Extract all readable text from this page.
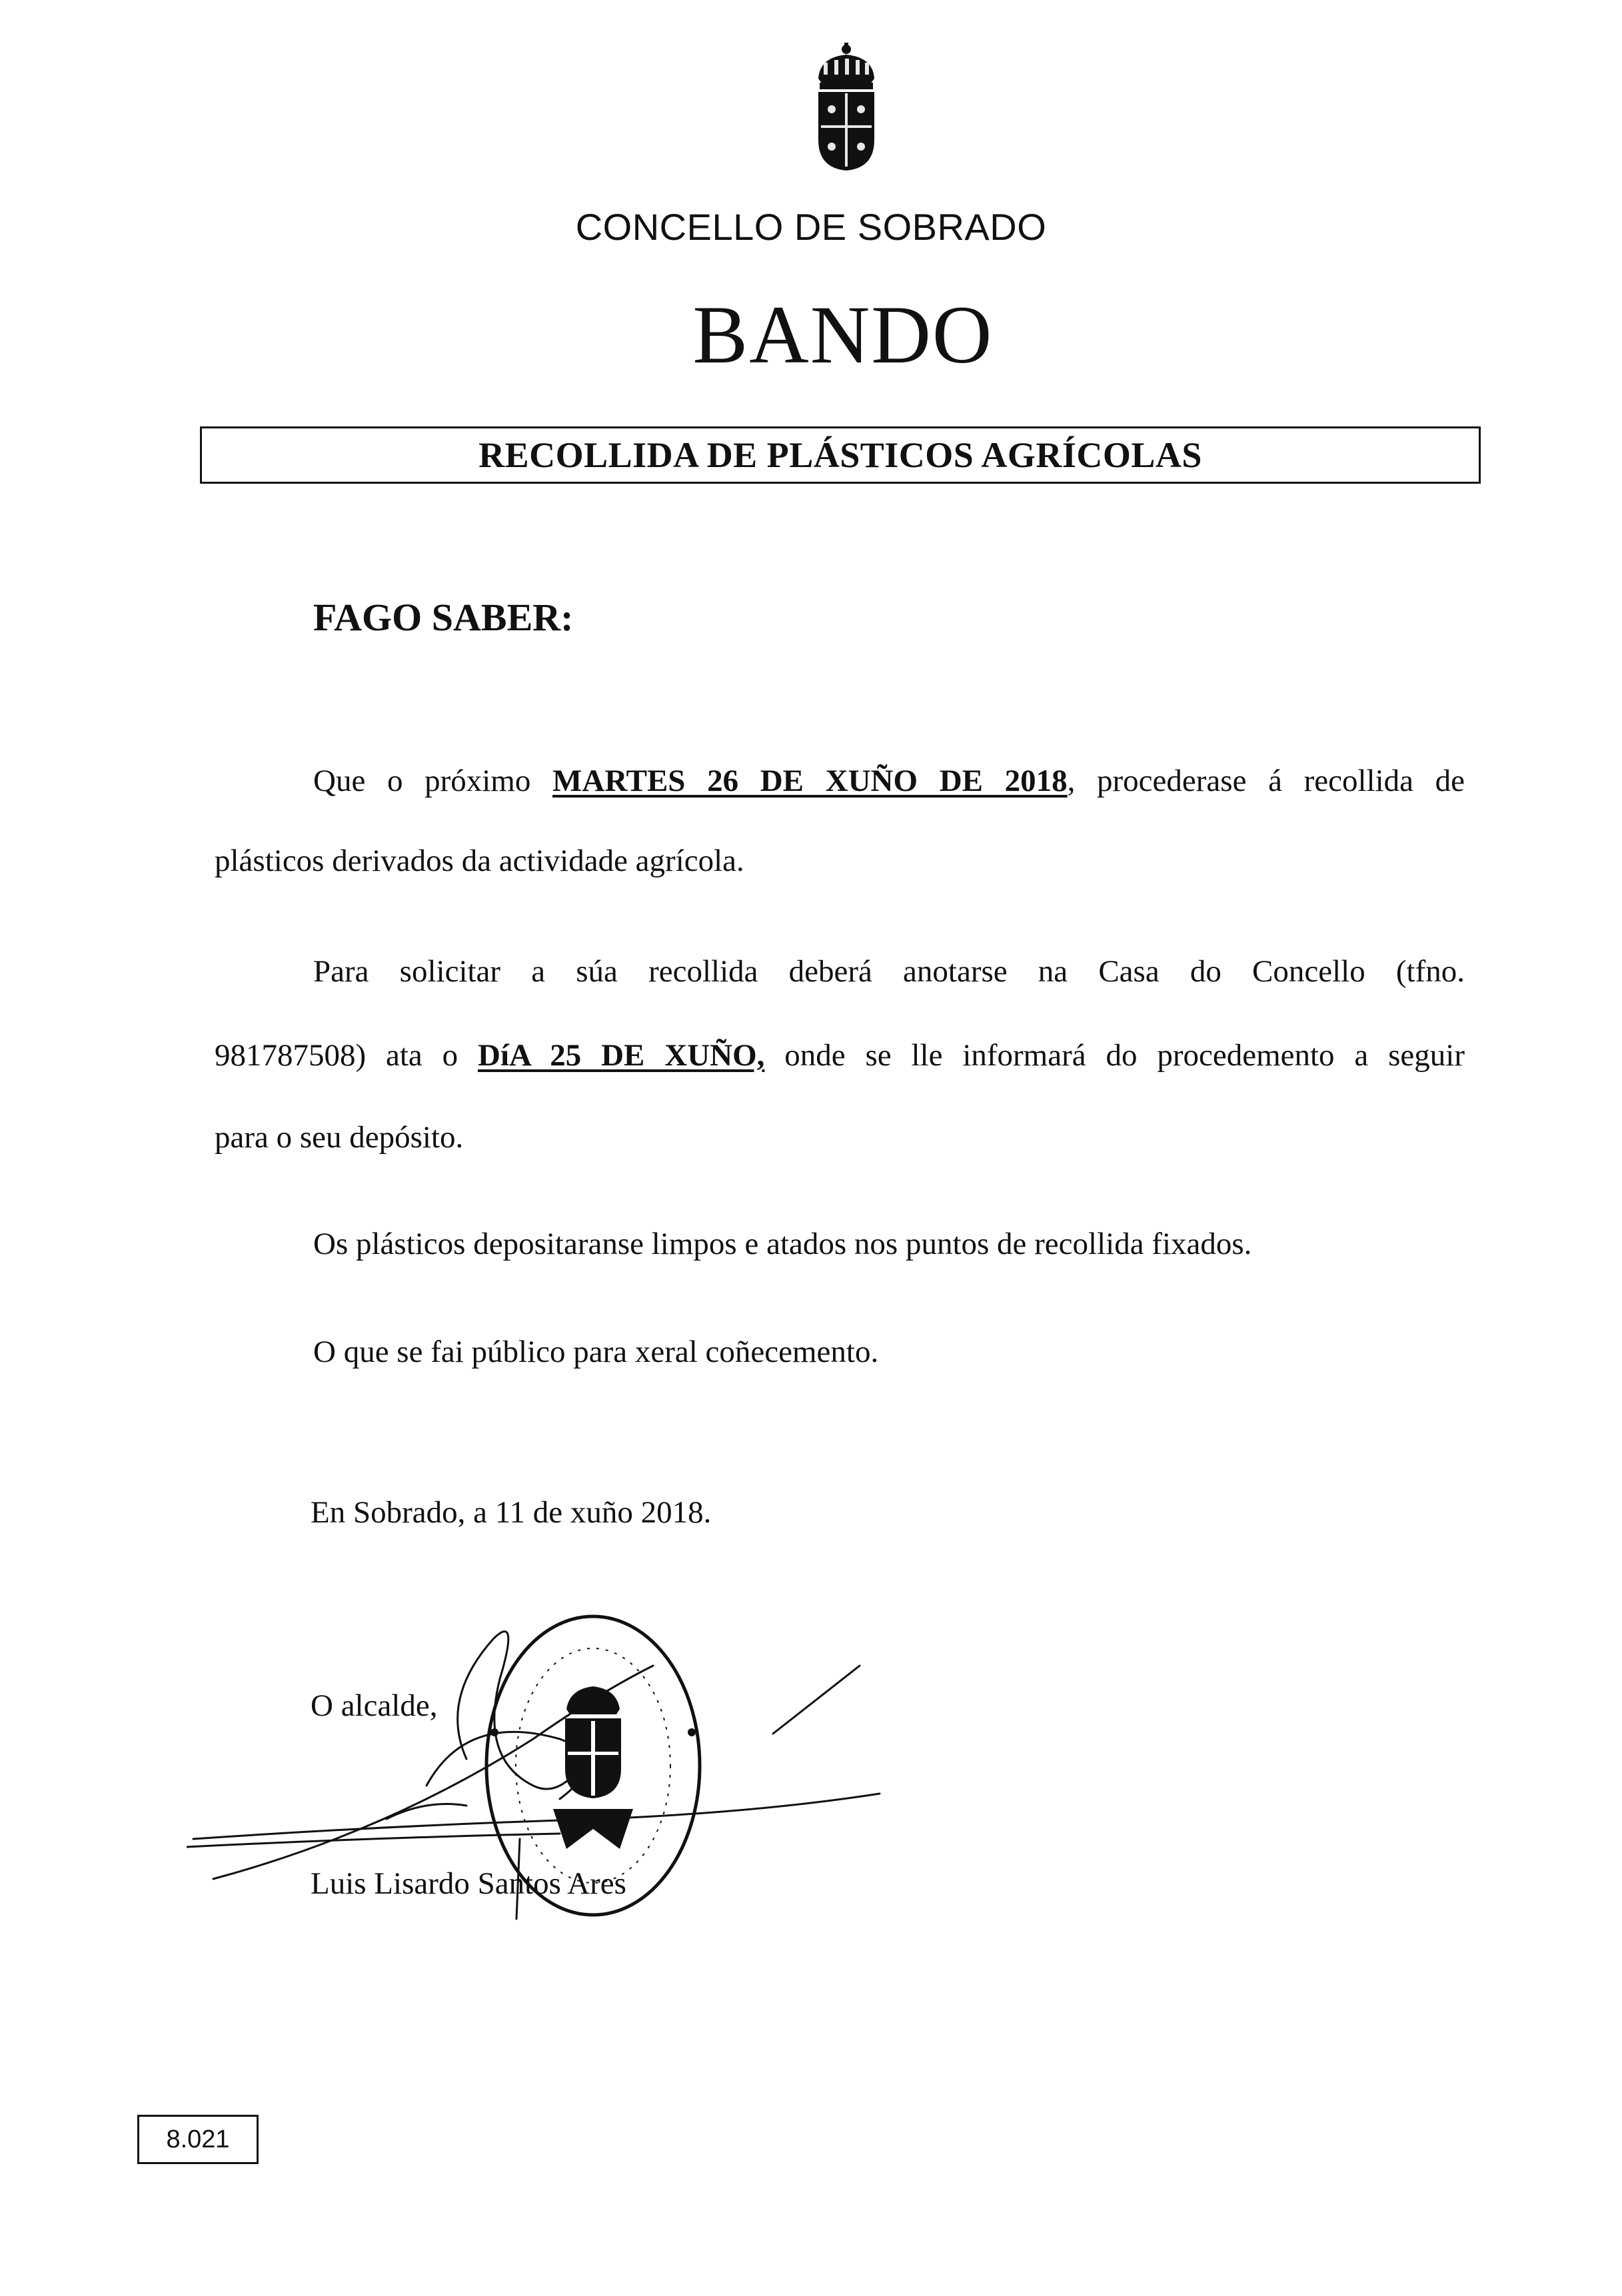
CONCELLO DE SOBRADO
BANDO
RECOLLIDA DE PLÁSTICOS AGRÍCOLAS
FAGO SABER:
Que o próximo MARTES 26 DE XUÑO DE 2018, procederase á recollida de
plásticos derivados da actividade agrícola.
Para solicitar a súa recollida deberá anotarse na Casa do Concello (tfno.
981787508) ata o DíA 25 DE XUÑO, onde se lle informará do procedemento a seguir
para o seu depósito.
Os plásticos depositaranse limpos e atados nos puntos de recollida fixados.
O que se fai público para xeral coñecemento.
En Sobrado, a 11 de xuño 2018.
O alcalde,
Luis Lisardo Santos Ares
8.021
